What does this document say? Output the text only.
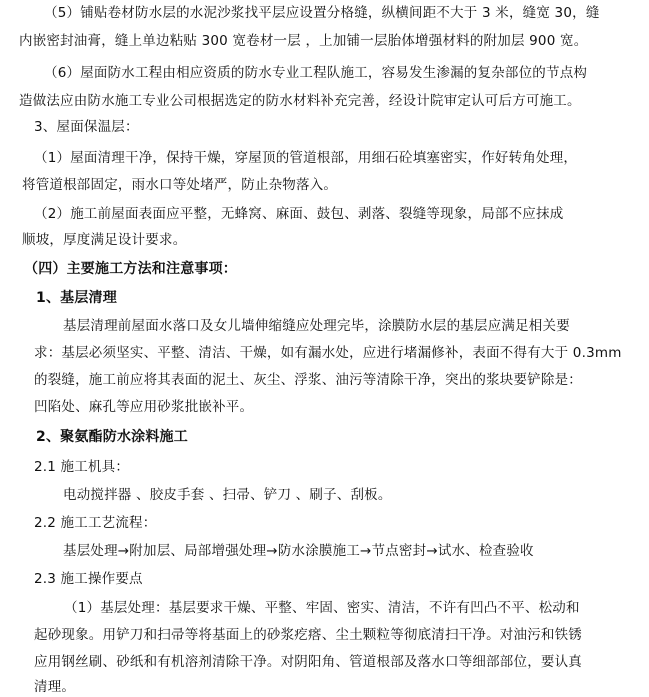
（5）铺贴卷材防水层的水泥沙浆找平层应设置分格缝，纵横间距不大于 3 米，缝宽 30，缝
内嵌密封油膏，缝上单边粘贴 300 宽卷材一层 ，上加铺一层胎体增强材料的附加层 900 宽。
（6）屋面防水工程由相应资质的防水专业工程队施工，容易发生渗漏的复杂部位的节点构
造做法应由防水施工专业公司根据选定的防水材料补充完善，经设计院审定认可后方可施工。
3、屋面保温层：
（1）屋面清理干净，保持干燥，穿屋顶的管道根部，用细石砼填塞密实，作好转角处理，
将管道根部固定，雨水口等处堵严，防止杂物落入。
（2）施工前屋面表面应平整，无蜂窝、麻面、鼓包、剥落、裂缝等现象，局部不应抹成
顺坡，厚度满足设计要求。
（四）主要施工方法和注意事项：
1、基层清理
基层清理前屋面水落口及女儿墙伸缩缝应处理完毕，涂膜防水层的基层应满足相关要
求：基层必须坚实、平整、清洁、干燥，如有漏水处，应进行堵漏修补，表面不得有大于 0.3mm
的裂缝，施工前应将其表面的泥土、灰尘、浮浆、油污等清除干净，突出的浆块要铲除是：
凹陷处、麻孔等应用砂浆批嵌补平。
2、聚氨酯防水涂料施工
2.1 施工机具：
电动搅拌器 、胶皮手套 、扫帚、铲刀 、刷子、刮板。
2.2 施工工艺流程：
基层处理→附加层、局部增强处理→防水涂膜施工→节点密封→试水、检查验收
2.3 施工操作要点
（1）基层处理：基层要求干燥、平整、牢固、密实、清洁，不许有凹凸不平、松动和
起砂现象。用铲刀和扫帚等将基面上的砂浆疙瘩、尘土颗粒等彻底清扫干净。对油污和铁锈
应用钢丝刷、砂纸和有机溶剂清除干净。对阴阳角、管道根部及落水口等细部部位，要认真
清理。
